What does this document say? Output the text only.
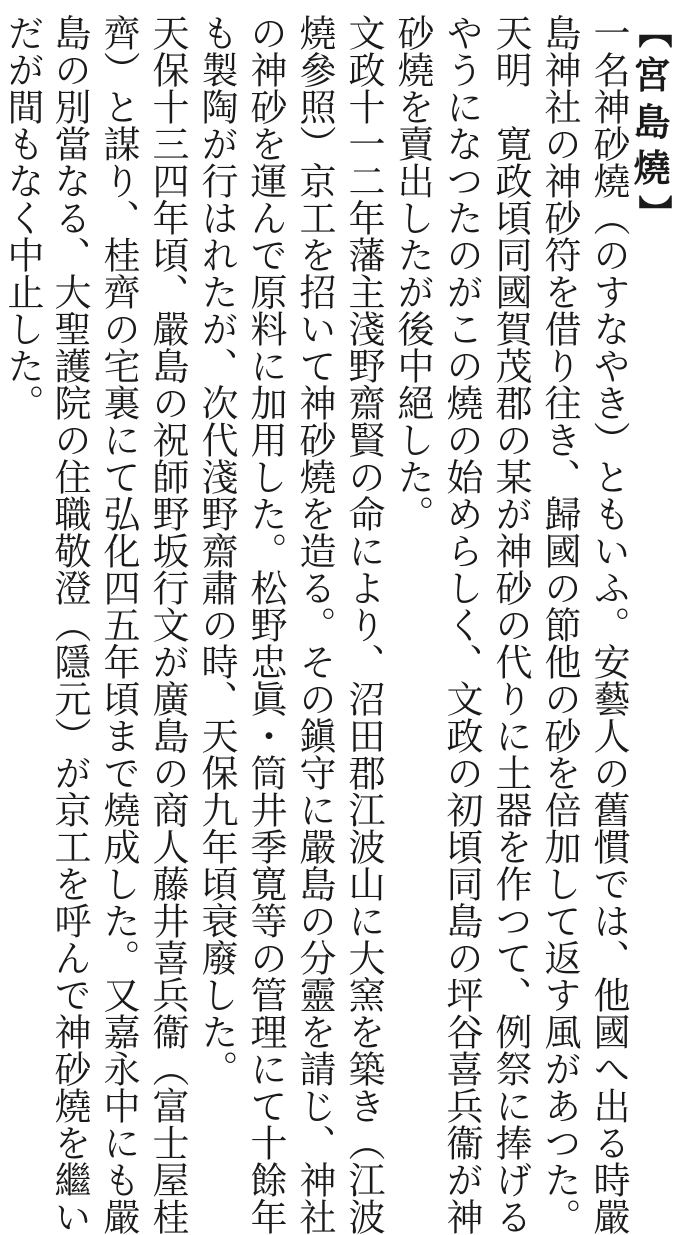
【
宮
島
燒
】
一名神砂燒（のすなやき）ともいふ。安藝人の舊慣では、他國へ出る時嚴
島神社の神砂符を借り往き、歸國の節他の砂を倍加して返す風があつた。
天明　寛政頃同國賀茂郡の某が神砂の代りに土器を作つて、例祭に捧げる
やうになつたのがこの燒の始めらしく、文政の初頃同島の坪谷喜兵衞が神
砂燒を賣出したが後中絕した。
文政十一二年藩主淺野齋賢の命により、沼田郡江波山に大窯を築き（江波
燒參照）京工を招いて神砂燒を造る。その鎭守に嚴島の分靈を請じ、神社
の神砂を運んで原料に加用した。松野忠眞・筒井季寛等の管理にて十餘年
も製陶が行はれたが、次代淺野齋肅の時、天保九年頃衰廢した。
天保十三四年頃、嚴島の祝師野坂行文が廣島の商人藤井喜兵衞（富士屋桂
齊）と謀り、桂齊の宅裏にて弘化四五年頃まで燒成した。又嘉永中にも嚴
島の別當なる、大聖護院の住職敬澄（隱元）が京工を呼んで神砂燒を繼い
だが間もなく中止した。
